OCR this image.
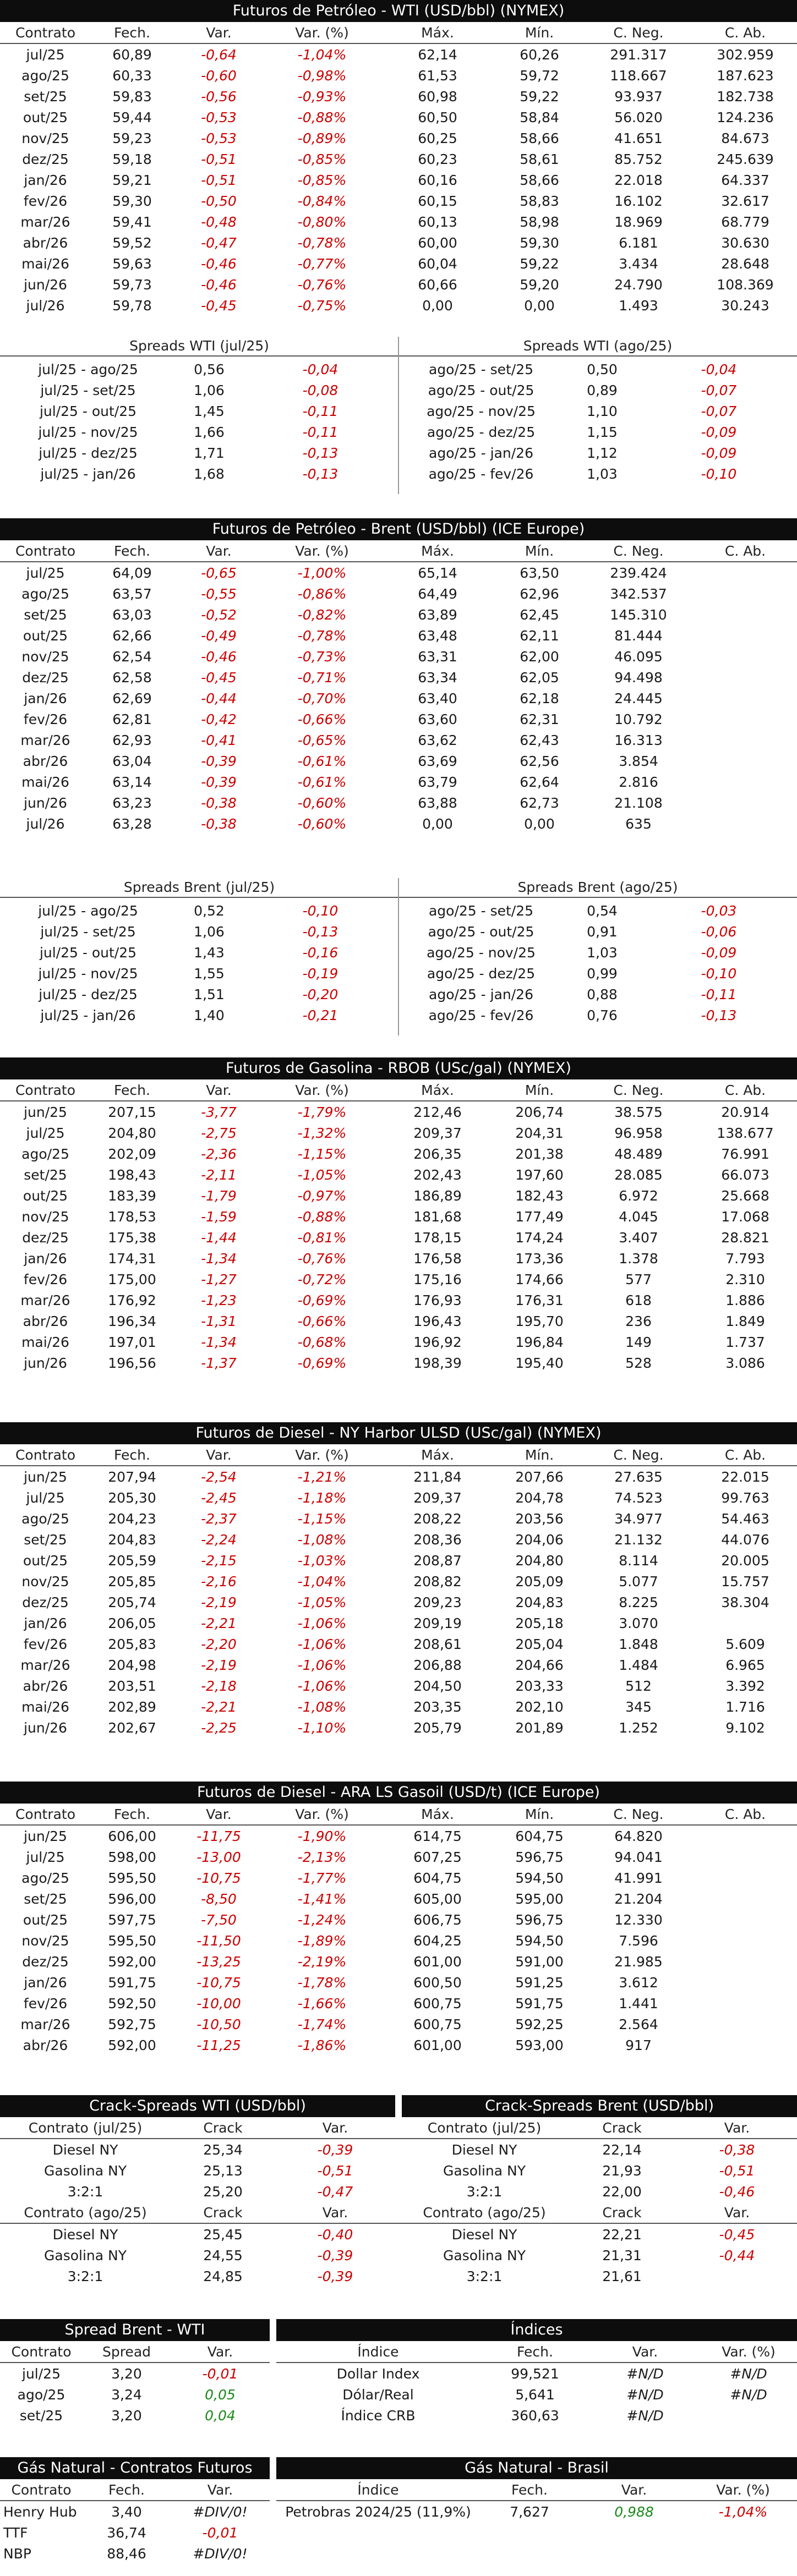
Futuros de Petróleo - WTI (USD/bbl) (NYMEX)
Contrato	Fech.	Var.	Var. (%)	Máx.	Mín.	C. Neg.	C. Ab.
jul/25	60,89	-0,64	-1,04%	62,14	60,26	291.317	302.959
ago/25	60,33	-0,60	-0,98%	61,53	59,72	118.667	187.623
set/25	59,83	-0,56	-0,93%	60,98	59,22	93.937	182.738
out/25	59,44	-0,53	-0,88%	60,50	58,84	56.020	124.236
nov/25	59,23	-0,53	-0,89%	60,25	58,66	41.651	84.673
dez/25	59,18	-0,51	-0,85%	60,23	58,61	85.752	245.639
jan/26	59,21	-0,51	-0,85%	60,16	58,66	22.018	64.337
fev/26	59,30	-0,50	-0,84%	60,15	58,83	16.102	32.617
mar/26	59,41	-0,48	-0,80%	60,13	58,98	18.969	68.779
abr/26	59,52	-0,47	-0,78%	60,00	59,30	6.181	30.630
mai/26	59,63	-0,46	-0,77%	60,04	59,22	3.434	28.648
jun/26	59,73	-0,46	-0,76%	60,66	59,20	24.790	108.369
jul/26	59,78	-0,45	-0,75%	0,00	0,00	1.493	30.243
Spreads WTI (jul/25)	Spreads WTI (ago/25)
jul/25 - ago/25	0,56	-0,04	ago/25 - set/25	0,50	-0,04
jul/25 - set/25	1,06	-0,08	ago/25 - out/25	0,89	-0,07
jul/25 - out/25	1,45	-0,11	ago/25 - nov/25	1,10	-0,07
jul/25 - nov/25	1,66	-0,11	ago/25 - dez/25	1,15	-0,09
jul/25 - dez/25	1,71	-0,13	ago/25 - jan/26	1,12	-0,09
jul/25 - jan/26	1,68	-0,13	ago/25 - fev/26	1,03	-0,10
Futuros de Petróleo - Brent (USD/bbl) (ICE Europe)
Contrato	Fech.	Var.	Var. (%)	Máx.	Mín.	C. Neg.	C. Ab.
jul/25	64,09	-0,65	-1,00%	65,14	63,50	239.424	
ago/25	63,57	-0,55	-0,86%	64,49	62,96	342.537	
set/25	63,03	-0,52	-0,82%	63,89	62,45	145.310	
out/25	62,66	-0,49	-0,78%	63,48	62,11	81.444	
nov/25	62,54	-0,46	-0,73%	63,31	62,00	46.095	
dez/25	62,58	-0,45	-0,71%	63,34	62,05	94.498	
jan/26	62,69	-0,44	-0,70%	63,40	62,18	24.445	
fev/26	62,81	-0,42	-0,66%	63,60	62,31	10.792	
mar/26	62,93	-0,41	-0,65%	63,62	62,43	16.313	
abr/26	63,04	-0,39	-0,61%	63,69	62,56	3.854	
mai/26	63,14	-0,39	-0,61%	63,79	62,64	2.816	
jun/26	63,23	-0,38	-0,60%	63,88	62,73	21.108	
jul/26	63,28	-0,38	-0,60%	0,00	0,00	635	
Spreads Brent (jul/25)	Spreads Brent (ago/25)
jul/25 - ago/25	0,52	-0,10	ago/25 - set/25	0,54	-0,03
jul/25 - set/25	1,06	-0,13	ago/25 - out/25	0,91	-0,06
jul/25 - out/25	1,43	-0,16	ago/25 - nov/25	1,03	-0,09
jul/25 - nov/25	1,55	-0,19	ago/25 - dez/25	0,99	-0,10
jul/25 - dez/25	1,51	-0,20	ago/25 - jan/26	0,88	-0,11
jul/25 - jan/26	1,40	-0,21	ago/25 - fev/26	0,76	-0,13
Futuros de Gasolina - RBOB (USc/gal) (NYMEX)
Contrato	Fech.	Var.	Var. (%)	Máx.	Mín.	C. Neg.	C. Ab.
jun/25	207,15	-3,77	-1,79%	212,46	206,74	38.575	20.914
jul/25	204,80	-2,75	-1,32%	209,37	204,31	96.958	138.677
ago/25	202,09	-2,36	-1,15%	206,35	201,38	48.489	76.991
set/25	198,43	-2,11	-1,05%	202,43	197,60	28.085	66.073
out/25	183,39	-1,79	-0,97%	186,89	182,43	6.972	25.668
nov/25	178,53	-1,59	-0,88%	181,68	177,49	4.045	17.068
dez/25	175,38	-1,44	-0,81%	178,15	174,24	3.407	28.821
jan/26	174,31	-1,34	-0,76%	176,58	173,36	1.378	7.793
fev/26	175,00	-1,27	-0,72%	175,16	174,66	577	2.310
mar/26	176,92	-1,23	-0,69%	176,93	176,31	618	1.886
abr/26	196,34	-1,31	-0,66%	196,43	195,70	236	1.849
mai/26	197,01	-1,34	-0,68%	196,92	196,84	149	1.737
jun/26	196,56	-1,37	-0,69%	198,39	195,40	528	3.086
Futuros de Diesel - NY Harbor ULSD (USc/gal) (NYMEX)
Contrato	Fech.	Var.	Var. (%)	Máx.	Mín.	C. Neg.	C. Ab.
jun/25	207,94	-2,54	-1,21%	211,84	207,66	27.635	22.015
jul/25	205,30	-2,45	-1,18%	209,37	204,78	74.523	99.763
ago/25	204,23	-2,37	-1,15%	208,22	203,56	34.977	54.463
set/25	204,83	-2,24	-1,08%	208,36	204,06	21.132	44.076
out/25	205,59	-2,15	-1,03%	208,87	204,80	8.114	20.005
nov/25	205,85	-2,16	-1,04%	208,82	205,09	5.077	15.757
dez/25	205,74	-2,19	-1,05%	209,23	204,83	8.225	38.304
jan/26	206,05	-2,21	-1,06%	209,19	205,18	3.070	
fev/26	205,83	-2,20	-1,06%	208,61	205,04	1.848	5.609
mar/26	204,98	-2,19	-1,06%	206,88	204,66	1.484	6.965
abr/26	203,51	-2,18	-1,06%	204,50	203,33	512	3.392
mai/26	202,89	-2,21	-1,08%	203,35	202,10	345	1.716
jun/26	202,67	-2,25	-1,10%	205,79	201,89	1.252	9.102
Futuros de Diesel - ARA LS Gasoil (USD/t) (ICE Europe)
Contrato	Fech.	Var.	Var. (%)	Máx.	Mín.	C. Neg.	C. Ab.
jun/25	606,00	-11,75	-1,90%	614,75	604,75	64.820	
jul/25	598,00	-13,00	-2,13%	607,25	596,75	94.041	
ago/25	595,50	-10,75	-1,77%	604,75	594,50	41.991	
set/25	596,00	-8,50	-1,41%	605,00	595,00	21.204	
out/25	597,75	-7,50	-1,24%	606,75	596,75	12.330	
nov/25	595,50	-11,50	-1,89%	604,25	594,50	7.596	
dez/25	592,00	-13,25	-2,19%	601,00	591,00	21.985	
jan/26	591,75	-10,75	-1,78%	600,50	591,25	3.612	
fev/26	592,50	-10,00	-1,66%	600,75	591,75	1.441	
mar/26	592,75	-10,50	-1,74%	600,75	592,25	2.564	
abr/26	592,00	-11,25	-1,86%	601,00	593,00	917	
Crack-Spreads WTI (USD/bbl)	Crack-Spreads Brent (USD/bbl)
Contrato (jul/25)	Crack	Var.		Contrato (jul/25)	Crack	Var.
Diesel NY	25,34	-0,39		Diesel NY	22,14	-0,38
Gasolina NY	25,13	-0,51		Gasolina NY	21,93	-0,51
3:2:1	25,20	-0,47		3:2:1	22,00	-0,46
Contrato (ago/25)	Crack	Var.		Contrato (ago/25)	Crack	Var.
Diesel NY	25,45	-0,40		Diesel NY	22,21	-0,45
Gasolina NY	24,55	-0,39		Gasolina NY	21,31	-0,44
3:2:1	24,85	-0,39		3:2:1	21,61	
Spread Brent - WTI	Índices
Contrato	Spread	Var.
jul/25	3,20	-0,01
ago/25	3,24	0,05
set/25	3,20	0,04
Índice	Fech.	Var.	Var. (%)
Dollar Index	99,521	#N/D	#N/D
Dólar/Real	5,641	#N/D	#N/D
Índice CRB	360,63	#N/D	
Gás Natural - Contratos Futuros	Gás Natural - Brasil
Contrato	Fech.	Var.
Henry Hub	3,40	#DIV/0!
TTF	36,74	-0,01
NBP	88,46	#DIV/0!
Índice	Fech.	Var.	Var. (%)
Petrobras 2024/25 (11,9%)	7,627	0,988	-1,04%
